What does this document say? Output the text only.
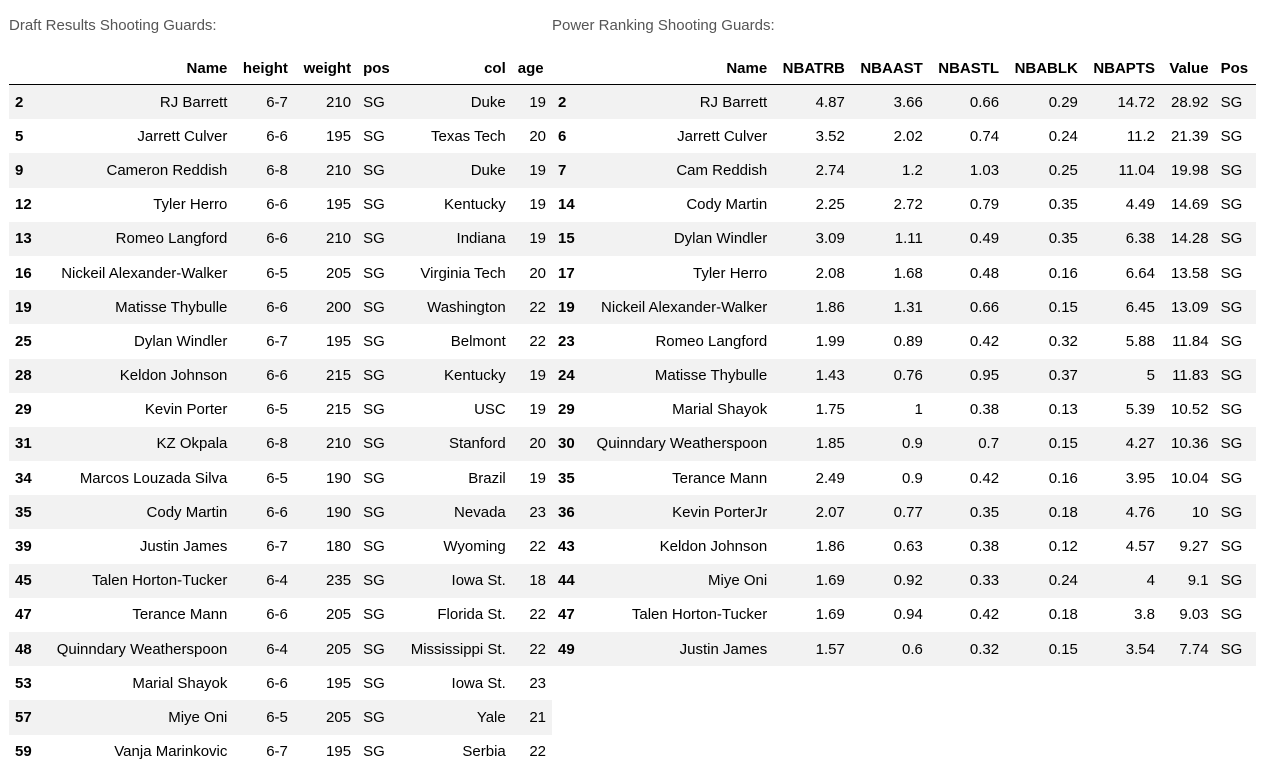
Draft Results Shooting Guards:	Power Ranking Shooting Guards:
	Name	height	weight	pos	col	age
2	RJ Barrett	6-7	210	SG	Duke	19
5	Jarrett Culver	6-6	195	SG	Texas Tech	20
9	Cameron Reddish	6-8	210	SG	Duke	19
12	Tyler Herro	6-6	195	SG	Kentucky	19
13	Romeo Langford	6-6	210	SG	Indiana	19
16	Nickeil Alexander-Walker	6-5	205	SG	Virginia Tech	20
19	Matisse Thybulle	6-6	200	SG	Washington	22
25	Dylan Windler	6-7	195	SG	Belmont	22
28	Keldon Johnson	6-6	215	SG	Kentucky	19
29	Kevin Porter	6-5	215	SG	USC	19
31	KZ Okpala	6-8	210	SG	Stanford	20
34	Marcos Louzada Silva	6-5	190	SG	Brazil	19
35	Cody Martin	6-6	190	SG	Nevada	23
39	Justin James	6-7	180	SG	Wyoming	22
45	Talen Horton-Tucker	6-4	235	SG	Iowa St.	18
47	Terance Mann	6-6	205	SG	Florida St.	22
48	Quinndary Weatherspoon	6-4	205	SG	Mississippi St.	22
53	Marial Shayok	6-6	195	SG	Iowa St.	23
57	Miye Oni	6-5	205	SG	Yale	21
59	Vanja Marinkovic	6-7	195	SG	Serbia	22
	Name	NBATRB	NBAAST	NBASTL	NBABLK	NBAPTS	Value	Pos
2	RJ Barrett	4.87	3.66	0.66	0.29	14.72	28.92	SG
6	Jarrett Culver	3.52	2.02	0.74	0.24	11.2	21.39	SG
7	Cam Reddish	2.74	1.2	1.03	0.25	11.04	19.98	SG
14	Cody Martin	2.25	2.72	0.79	0.35	4.49	14.69	SG
15	Dylan Windler	3.09	1.11	0.49	0.35	6.38	14.28	SG
17	Tyler Herro	2.08	1.68	0.48	0.16	6.64	13.58	SG
19	Nickeil Alexander-Walker	1.86	1.31	0.66	0.15	6.45	13.09	SG
23	Romeo Langford	1.99	0.89	0.42	0.32	5.88	11.84	SG
24	Matisse Thybulle	1.43	0.76	0.95	0.37	5	11.83	SG
29	Marial Shayok	1.75	1	0.38	0.13	5.39	10.52	SG
30	Quinndary Weatherspoon	1.85	0.9	0.7	0.15	4.27	10.36	SG
35	Terance Mann	2.49	0.9	0.42	0.16	3.95	10.04	SG
36	Kevin PorterJr	2.07	0.77	0.35	0.18	4.76	10	SG
43	Keldon Johnson	1.86	0.63	0.38	0.12	4.57	9.27	SG
44	Miye Oni	1.69	0.92	0.33	0.24	4	9.1	SG
47	Talen Horton-Tucker	1.69	0.94	0.42	0.18	3.8	9.03	SG
49	Justin James	1.57	0.6	0.32	0.15	3.54	7.74	SG
